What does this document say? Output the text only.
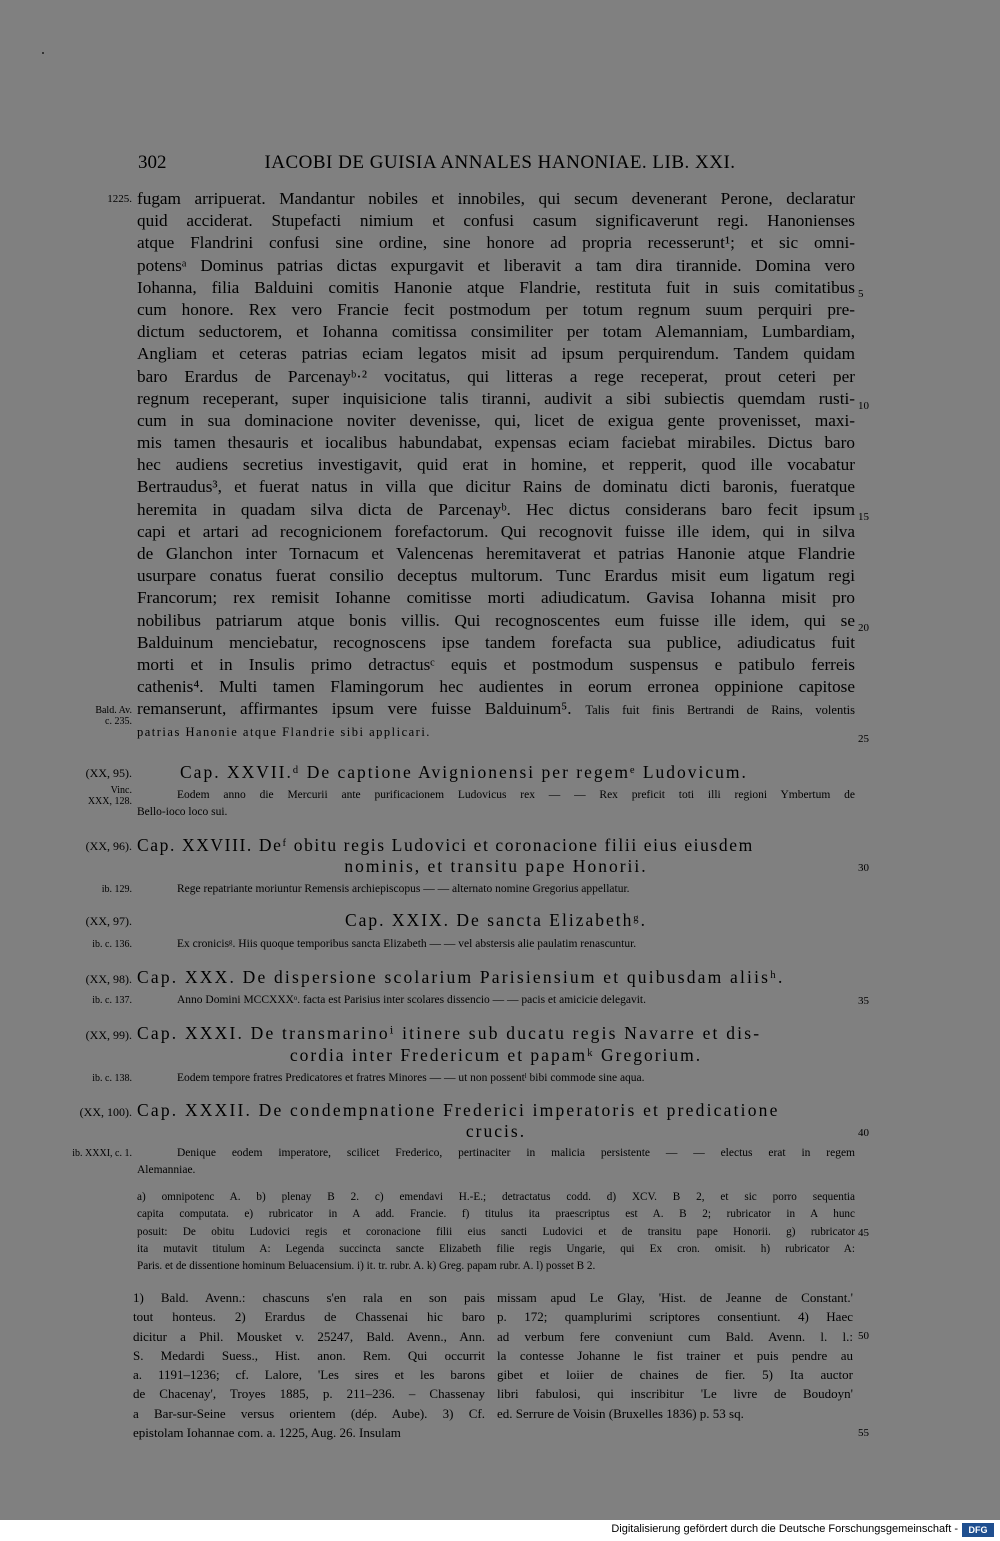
302	IACOBI DE GUISIA ANNALES HANONIAE. LIB. XXI.
1225. fugam arripuerat. Mandantur nobiles et innobiles, qui secum devenerant Perone, declaratur
quid acciderat. Stupefacti nimium et confusi casum significaverunt regi. Hanonienses
atque Flandrini confusi sine ordine, sine honore ad propria recesserunt¹; et sic omni-
potensᵃ Dominus patrias dictas expurgavit et liberavit a tam dira tirannide. Domina vero
Iohanna, filia Balduini comitis Hanonie atque Flandrie, restituta fuit in suis comitatibus
cum honore. Rex vero Francie fecit postmodum per totum regnum suum perquiri pre-
dictum seductorem, et Iohanna comitissa consimiliter per totam Alemanniam, Lumbardiam,
Angliam et ceteras patrias eciam legatos misit ad ipsum perquirendum. Tandem quidam
baro Erardus de Parcenayᵇ·² vocitatus, qui litteras a rege receperat, prout ceteri per
regnum receperant, super inquisicione talis tiranni, audivit a sibi subiectis quemdam rusti-
cum in sua dominacione noviter devenisse, qui, licet de exigua gente provenisset, maxi-
mis tamen thesauris et iocalibus habundabat, expensas eciam faciebat mirabiles. Dictus baro
hec audiens secretius investigavit, quid erat in homine, et repperit, quod ille vocabatur
Bertraudus³, et fuerat natus in villa que dicitur Rains de dominatu dicti baronis, fueratque
heremita in quadam silva dicta de Parcenayᵇ. Hec dictus considerans baro fecit ipsum
capi et artari ad recognicionem forefactorum. Qui recognovit fuisse ille idem, qui in silva
de Glanchon inter Tornacum et Valencenas heremitaverat et patrias Hanonie atque Flandrie
usurpare conatus fuerat consilio deceptus multorum. Tunc Erardus misit eum ligatum regi
Francorum; rex remisit Iohanne comitisse morti adiudicatum. Gavisa Iohanna misit pro
nobilibus patriarum atque bonis villis. Qui recognoscentes eum fuisse ille idem, qui se
Balduinum menciebatur, recognoscens ipse tandem forefacta sua publice, adiudicatus fuit
morti et in Insulis primo detractusᶜ equis et postmodum suspensus e patibulo ferreis
cathenis⁴. Multi tamen Flamingorum hec audientes in eorum erronea oppinione capitose
remanserunt, affirmantes ipsum vere fuisse Balduinum⁵. Talis fuit finis Bertrandi de Rains, volentis
patrias Hanonie atque Flandrie sibi applicari.
Bald. Av.
c. 235.
5
10
15
20
25
(XX, 95).	Cap. XXVII.ᵈ De captione Avignionensi per regemᵉ Ludovicum.
Vinc.
XXX, 128.
Eodem anno die Mercurii ante purificacionem Ludovicus rex — — Rex preficit toti illi regioni Ymbertum de
Bello-ioco loco sui.
(XX, 96). Cap. XXVIII. Deᶠ obitu regis Ludovici et coronacione filii eius eiusdem
nominis, et transitu pape Honorii.	30
ib. 129.	Rege repatriante moriuntur Remensis archiepiscopus — — alternato nomine Gregorius appellatur.
(XX, 97).	Cap. XXIX. De sancta Elizabethᵍ.
ib. c. 136.	Ex cronicisᵍ. Hiis quoque temporibus sancta Elizabeth — — vel abstersis alie paulatim renascuntur.
(XX, 98). Cap. XXX. De dispersione scolarium Parisiensium et quibusdam aliisʰ.
ib. c. 137.	Anno Domini MCCXXXᵒ. facta est Parisius inter scolares dissencio — — pacis et amicicie delegavit.	35
(XX, 99). Cap. XXXI. De transmarinoⁱ itinere sub ducatu regis Navarre et dis-
cordia inter Fredericum et papamᵏ Gregorium.
ib. c. 138.	Eodem tempore fratres Predicatores et fratres Minores — — ut non possentˡ bibi commode sine aqua.
(XX, 100). Cap. XXXII. De condempnatione Frederici imperatoris et predicatione
crucis.	40
ib. XXXI, c. 1.	Denique eodem imperatore, scilicet Frederico, pertinaciter in malicia persistente — — electus erat in regem
Alemanniae.
a) omnipotenc A. b) plenay B 2. c) emendavi H.-E.; detractatus codd. d) XCV. B 2, et sic porro sequentia
capita computata. e) rubricator in A add. Francie. f) titulus ita praescriptus est A. B 2; rubricator in A hunc
posuit: De obitu Ludovici regis et coronacione filii eius sancti Ludovici et de transitu pape Honorii. g) rubricator
ita mutavit titulum A: Legenda succincta sancte Elizabeth filie regis Ungarie, qui Ex cron. omisit. h) rubricator A:
Paris. et de dissentione hominum Beluacensium. i) it. tr. rubr. A. k) Greg. papam rubr. A. l) posset B 2.
45
1) Bald. Avenn.: chascuns s'en rala en son pais
tout honteus. 2) Erardus de Chassenai hic baro
dicitur a Phil. Mousket v. 25247, Bald. Avenn., Ann.
S. Medardi Suess., Hist. anon. Rem. Qui occurrit
a. 1191–1236; cf. Lalore, 'Les sires et les barons
de Chacenay', Troyes 1885, p. 211–236. – Chassenay
a Bar-sur-Seine versus orientem (dép. Aube). 3) Cf.
epistolam Iohannae com. a. 1225, Aug. 26. Insulam
missam apud Le Glay, 'Hist. de Jeanne de Constant.'
p. 172; quamplurimi scriptores consentiunt. 4) Haec
ad verbum fere conveniunt cum Bald. Avenn. l. l.:
la contesse Johanne le fist trainer et puis pendre au
gibet et loiier de chaines de fier. 5) Ita auctor
libri fabulosi, qui inscribitur 'Le livre de Boudoyn'
ed. Serrure de Voisin (Bruxelles 1836) p. 53 sq.
50
55
Digitalisierung gefördert durch die Deutsche Forschungsgemeinschaft -	DFG
